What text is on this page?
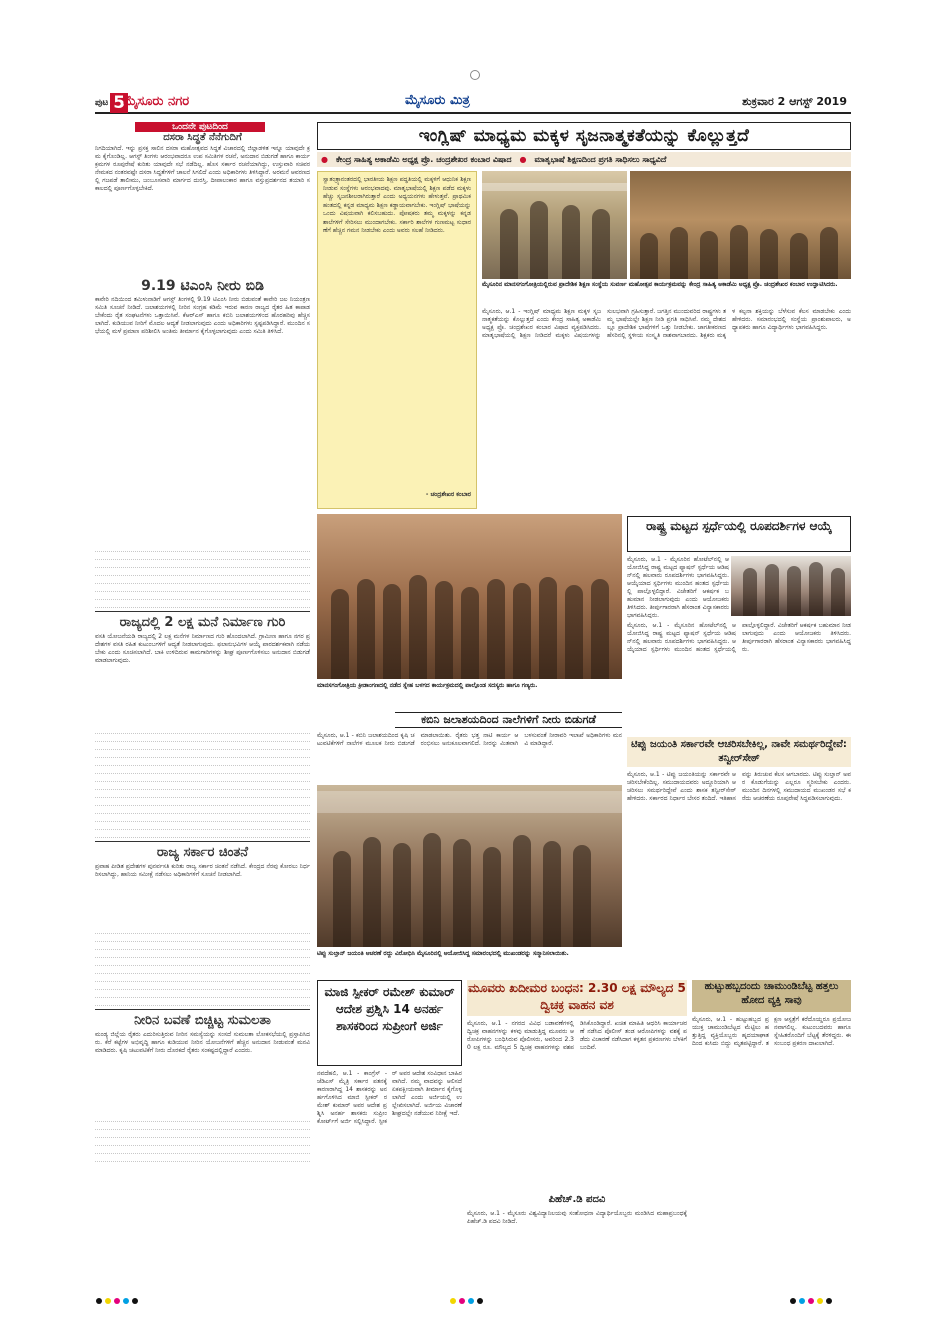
ಪುಟ 5
ಮೈಸೂರು ನಗರ	ಮೈಸೂರು ಮಿತ್ರ	ಶುಕ್ರವಾರ 2 ಆಗಸ್ಟ್ 2019
ಒಂದನೇ ಪುಟದಿಂದ
ದಸರಾ ಸಿದ್ಧತೆ ನೆನೆಗುದಿಗೆ
ನಿಗದಿಯಾಗಿದೆ. ಇನ್ನು ಪ್ರಸಕ್ತ ಸಾಲಿನ ದಸರಾ ಮಹೋತ್ಸವದ ಸಿದ್ಧತೆ ವಿಚಾರದಲ್ಲಿ ಜಿಲ್ಲಾಡಳಿತ ಇನ್ನೂ ಯಾವುದೇ ಕ್ರಮ ಕೈಗೊಂಡಿಲ್ಲ. ಆಗಸ್ಟ್ ತಿಂಗಳು ಆರಂಭವಾದರೂ ಉಪ ಸಮಿತಿಗಳ ರಚನೆ, ಅನುದಾನ ಬಿಡುಗಡೆ ಹಾಗೂ ಕಾರ್ಯಕ್ರಮಗಳ ರೂಪುರೇಷೆ ಕುರಿತು ಯಾವುದೇ ಸಭೆ ನಡೆದಿಲ್ಲ. ಹೊಸ ಸರ್ಕಾರ ರಚನೆಯಾಗಿದ್ದು, ಉಸ್ತುವಾರಿ ಸಚಿವರ ನೇಮಕದ ನಂತರವಷ್ಟೇ ದಸರಾ ಸಿದ್ಧತೆಗಳಿಗೆ ಚಾಲನೆ ಸಿಗಲಿದೆ ಎಂದು ಅಧಿಕಾರಿಗಳು ತಿಳಿಸಿದ್ದಾರೆ. ಅರಮನೆ ಆವರಣದಲ್ಲಿ ಗಜಪಡೆ ತಾಲೀಮು, ಜಂಬೂಸವಾರಿ ಮಾರ್ಗದ ದುರಸ್ತಿ, ದೀಪಾಲಂಕಾರ ಹಾಗೂ ವಸ್ತುಪ್ರದರ್ಶನದ ತಯಾರಿ ಸಕಾಲದಲ್ಲಿ ಪೂರ್ಣಗೊಳ್ಳಬೇಕಿದೆ.
9.19 ಟಿಎಂಸಿ ನೀರು ಬಿಡಿ
ಕಾವೇರಿ ನದಿಯಿಂದ ತಮಿಳುನಾಡಿಗೆ ಆಗಸ್ಟ್ ತಿಂಗಳಲ್ಲಿ 9.19 ಟಿಎಂಸಿ ನೀರು ಬಿಡುವಂತೆ ಕಾವೇರಿ ಜಲ ನಿಯಂತ್ರಣ ಸಮಿತಿ ಸೂಚನೆ ನೀಡಿದೆ. ಜಲಾಶಯಗಳಲ್ಲಿ ನೀರಿನ ಸಂಗ್ರಹ ಕಡಿಮೆ ಇರುವ ಕಾರಣ ರಾಜ್ಯದ ರೈತರ ಹಿತ ಕಾಪಾಡಬೇಕೆಂದು ರೈತ ಸಂಘಟನೆಗಳು ಒತ್ತಾಯಿಸಿವೆ. ಕೆಆರ್‌ಎಸ್ ಹಾಗೂ ಕಬಿನಿ ಜಲಾಶಯಗಳಿಂದ ಹೊರಹರಿವು ಹೆಚ್ಚಿಸಲಾಗಿದೆ. ಕುಡಿಯುವ ನೀರಿಗೆ ಮೊದಲ ಆದ್ಯತೆ ನೀಡಲಾಗುವುದು ಎಂದು ಅಧಿಕಾರಿಗಳು ಸ್ಪಷ್ಟಪಡಿಸಿದ್ದಾರೆ. ಮುಂದಿನ ಸಭೆಯಲ್ಲಿ ಮಳೆ ಪ್ರಮಾಣ ಪರಿಶೀಲಿಸಿ ಅಂತಿಮ ತೀರ್ಮಾನ ಕೈಗೊಳ್ಳಲಾಗುವುದು ಎಂದು ಸಮಿತಿ ತಿಳಿಸಿದೆ.
ರಾಜ್ಯದಲ್ಲಿ 2 ಲಕ್ಷ ಮನೆ ನಿರ್ಮಾಣ ಗುರಿ
ವಸತಿ ಯೋಜನೆಯಡಿ ರಾಜ್ಯದಲ್ಲಿ 2 ಲಕ್ಷ ಮನೆಗಳ ನಿರ್ಮಾಣದ ಗುರಿ ಹೊಂದಲಾಗಿದೆ. ಗ್ರಾಮೀಣ ಹಾಗೂ ನಗರ ಪ್ರದೇಶಗಳ ವಸತಿ ರಹಿತ ಕುಟುಂಬಗಳಿಗೆ ಆದ್ಯತೆ ನೀಡಲಾಗುವುದು. ಫಲಾನುಭವಿಗಳ ಆಯ್ಕೆ ಪಾರದರ್ಶಕವಾಗಿ ನಡೆಯಬೇಕು ಎಂದು ಸೂಚಿಸಲಾಗಿದೆ. ಬಾಕಿ ಉಳಿದಿರುವ ಕಾಮಗಾರಿಗಳನ್ನು ಶೀಘ್ರ ಪೂರ್ಣಗೊಳಿಸಲು ಅನುದಾನ ಬಿಡುಗಡೆ ಮಾಡಲಾಗುವುದು.
ರಾಜ್ಯ ಸರ್ಕಾರ ಚಿಂತನೆ
ಪ್ರವಾಹ ಪೀಡಿತ ಪ್ರದೇಶಗಳ ಪುನರ್ವಸತಿ ಕುರಿತು ರಾಜ್ಯ ಸರ್ಕಾರ ಚಿಂತನೆ ನಡೆಸಿದೆ. ಕೇಂದ್ರದ ನೆರವು ಕೋರಲು ನಿರ್ಧರಿಸಲಾಗಿದ್ದು, ಹಾನಿಯ ಸಮೀಕ್ಷೆ ನಡೆಸಲು ಅಧಿಕಾರಿಗಳಿಗೆ ಸೂಚನೆ ನೀಡಲಾಗಿದೆ.
ನೀರಿನ ಬವಣೆ ಬಿಚ್ಚಿಟ್ಟ ಸುಮಲತಾ
ಮಂಡ್ಯ ಜಿಲ್ಲೆಯ ರೈತರು ಎದುರಿಸುತ್ತಿರುವ ನೀರಿನ ಸಮಸ್ಯೆಯನ್ನು ಸಂಸದೆ ಸುಮಲತಾ ಲೋಕಸಭೆಯಲ್ಲಿ ಪ್ರಸ್ತಾಪಿಸಿದರು. ಕೆರೆ ಕಟ್ಟೆಗಳ ಅಭಿವೃದ್ಧಿ ಹಾಗೂ ಕುಡಿಯುವ ನೀರಿನ ಯೋಜನೆಗಳಿಗೆ ಹೆಚ್ಚಿನ ಅನುದಾನ ನೀಡುವಂತೆ ಮನವಿ ಮಾಡಿದರು. ಕೃಷಿ ಚಟುವಟಿಕೆಗೆ ನೀರು ದೊರಕದೆ ರೈತರು ಸಂಕಷ್ಟದಲ್ಲಿದ್ದಾರೆ ಎಂದರು.
ಇಂಗ್ಲಿಷ್ ಮಾಧ್ಯಮ ಮಕ್ಕಳ ಸೃಜನಾತ್ಮಕತೆಯನ್ನು ಕೊಲ್ಲುತ್ತದೆ
● ಕೇಂದ್ರ ಸಾಹಿತ್ಯ ಅಕಾಡೆಮಿ ಅಧ್ಯಕ್ಷ ಪ್ರೊ. ಚಂದ್ರಶೇಖರ ಕಂಬಾರ ವಿಷಾದ ● ಮಾತೃಭಾಷೆ ಶಿಕ್ಷಣದಿಂದ ಪ್ರಗತಿ ಸಾಧಿಸಲು ಸಾಧ್ಯವಿದೆ
ಸ್ವಾತಂತ್ರ್ಯಾನಂತರದಲ್ಲಿ ಭಾರತೀಯ ಶಿಕ್ಷಣ ಪದ್ಧತಿಯಲ್ಲಿ ಮಕ್ಕಳಿಗೆ ಆಧುನಿಕ ಶಿಕ್ಷಣ ನೀಡುವ ಸಂಸ್ಥೆಗಳು ಆರಂಭವಾದವು. ಮಾತೃಭಾಷೆಯಲ್ಲಿ ಶಿಕ್ಷಣ ಪಡೆದ ಮಕ್ಕಳು ಹೆಚ್ಚು ಸೃಜನಶೀಲರಾಗಿರುತ್ತಾರೆ ಎಂದು ಅಧ್ಯಯನಗಳು ಹೇಳುತ್ತವೆ. ಪ್ರಾಥಮಿಕ ಹಂತದಲ್ಲಿ ಕನ್ನಡ ಮಾಧ್ಯಮ ಶಿಕ್ಷಣ ಕಡ್ಡಾಯವಾಗಬೇಕು. ಇಂಗ್ಲಿಷ್ ಭಾಷೆಯನ್ನು ಒಂದು ವಿಷಯವಾಗಿ ಕಲಿಸಬಹುದು. ಪೋಷಕರು ತಮ್ಮ ಮಕ್ಕಳನ್ನು ಕನ್ನಡ ಶಾಲೆಗಳಿಗೆ ಸೇರಿಸಲು ಮುಂದಾಗಬೇಕು. ಸರ್ಕಾರಿ ಶಾಲೆಗಳ ಗುಣಮಟ್ಟ ಸುಧಾರಣೆಗೆ ಹೆಚ್ಚಿನ ಗಮನ ನೀಡಬೇಕು ಎಂದು ಅವರು ಸಲಹೆ ನೀಡಿದರು.
- ಚಂದ್ರಶೇಖರ ಕಂಬಾರ
ಮೈಸೂರಿನ ಮಾನಸಗಂಗೋತ್ರಿಯಲ್ಲಿರುವ ಪ್ರಾದೇಶಿಕ ಶಿಕ್ಷಣ ಸಂಸ್ಥೆಯ ಸುವರ್ಣ ಮಹೋತ್ಸವ ಕಾರ್ಯಕ್ರಮವನ್ನು ಕೇಂದ್ರ ಸಾಹಿತ್ಯ ಅಕಾಡೆಮಿ ಅಧ್ಯಕ್ಷ ಪ್ರೊ. ಚಂದ್ರಶೇಖರ ಕಂಬಾರ ಉದ್ಘಾಟಿಸಿದರು.
ಮೈಸೂರು, ಆ.1 - ಇಂಗ್ಲಿಷ್ ಮಾಧ್ಯಮ ಶಿಕ್ಷಣ ಮಕ್ಕಳ ಸೃಜನಾತ್ಮಕತೆಯನ್ನು ಕೊಲ್ಲುತ್ತದೆ ಎಂದು ಕೇಂದ್ರ ಸಾಹಿತ್ಯ ಅಕಾಡೆಮಿ ಅಧ್ಯಕ್ಷ ಪ್ರೊ. ಚಂದ್ರಶೇಖರ ಕಂಬಾರ ವಿಷಾದ ವ್ಯಕ್ತಪಡಿಸಿದರು. ಮಾತೃಭಾಷೆಯಲ್ಲಿ ಶಿಕ್ಷಣ ನೀಡಿದರೆ ಮಕ್ಕಳು ವಿಷಯಗಳನ್ನು ಸುಲಭವಾಗಿ ಗ್ರಹಿಸುತ್ತಾರೆ. ಜಗತ್ತಿನ ಮುಂದುವರಿದ ರಾಷ್ಟ್ರಗಳು ತಮ್ಮ ಭಾಷೆಯಲ್ಲೇ ಶಿಕ್ಷಣ ನೀಡಿ ಪ್ರಗತಿ ಸಾಧಿಸಿವೆ. ನಮ್ಮ ದೇಶದಲ್ಲೂ ಪ್ರಾದೇಶಿಕ ಭಾಷೆಗಳಿಗೆ ಒತ್ತು ನೀಡಬೇಕು. ಜಾಗತೀಕರಣದ ಹೆಸರಿನಲ್ಲಿ ಸ್ಥಳೀಯ ಸಂಸ್ಕೃತಿ ನಾಶವಾಗಬಾರದು. ಶಿಕ್ಷಕರು ಮಕ್ಕಳ ಕಲ್ಪನಾ ಶಕ್ತಿಯನ್ನು ಬೆಳೆಸುವ ಕೆಲಸ ಮಾಡಬೇಕು ಎಂದು ಹೇಳಿದರು. ಸಮಾರಂಭದಲ್ಲಿ ಸಂಸ್ಥೆಯ ಪ್ರಾಂಶುಪಾಲರು, ಅಧ್ಯಾಪಕರು ಹಾಗೂ ವಿದ್ಯಾರ್ಥಿಗಳು ಭಾಗವಹಿಸಿದ್ದರು.
ಮಾನಸಗಂಗೋತ್ರಿಯ ಕ್ರೀಡಾಂಗಣದಲ್ಲಿ ನಡೆದ ಸ್ನೇಹ ಬಳಗದ ಕಾರ್ಯಕ್ರಮದಲ್ಲಿ ಪಾಲ್ಗೊಂಡ ಸದಸ್ಯರು ಹಾಗೂ ಗಣ್ಯರು.
ರಾಷ್ಟ್ರ ಮಟ್ಟದ ಸ್ಪರ್ಧೆಯಲ್ಲಿ ರೂಪದರ್ಶಿಗಳ ಆಯ್ಕೆ
ಮೈಸೂರು, ಆ.1 - ಮೈಸೂರಿನ ಹೋಟೆಲ್‌ನಲ್ಲಿ ಆಯೋಜಿಸಿದ್ದ ರಾಷ್ಟ್ರ ಮಟ್ಟದ ಫ್ಯಾಷನ್ ಸ್ಪರ್ಧೆಯ ಆಡಿಷನ್‌ನಲ್ಲಿ ಹಲವಾರು ರೂಪದರ್ಶಿಗಳು ಭಾಗವಹಿಸಿದ್ದರು. ಆಯ್ಕೆಯಾದ ಸ್ಪರ್ಧಿಗಳು ಮುಂದಿನ ಹಂತದ ಸ್ಪರ್ಧೆಯಲ್ಲಿ ಪಾಲ್ಗೊಳ್ಳಲಿದ್ದಾರೆ. ವಿಜೇತರಿಗೆ ಆಕರ್ಷಕ ಬಹುಮಾನ ನೀಡಲಾಗುವುದು ಎಂದು ಆಯೋಜಕರು ತಿಳಿಸಿದರು. ತೀರ್ಪುಗಾರರಾಗಿ ಹೆಸರಾಂತ ವಿನ್ಯಾಸಕಾರರು ಭಾಗವಹಿಸಿದ್ದರು.
ಮೈಸೂರು, ಆ.1 - ಮೈಸೂರಿನ ಹೋಟೆಲ್‌ನಲ್ಲಿ ಆಯೋಜಿಸಿದ್ದ ರಾಷ್ಟ್ರ ಮಟ್ಟದ ಫ್ಯಾಷನ್ ಸ್ಪರ್ಧೆಯ ಆಡಿಷನ್‌ನಲ್ಲಿ ಹಲವಾರು ರೂಪದರ್ಶಿಗಳು ಭಾಗವಹಿಸಿದ್ದರು. ಆಯ್ಕೆಯಾದ ಸ್ಪರ್ಧಿಗಳು ಮುಂದಿನ ಹಂತದ ಸ್ಪರ್ಧೆಯಲ್ಲಿ ಪಾಲ್ಗೊಳ್ಳಲಿದ್ದಾರೆ. ವಿಜೇತರಿಗೆ ಆಕರ್ಷಕ ಬಹುಮಾನ ನೀಡಲಾಗುವುದು ಎಂದು ಆಯೋಜಕರು ತಿಳಿಸಿದರು. ತೀರ್ಪುಗಾರರಾಗಿ ಹೆಸರಾಂತ ವಿನ್ಯಾಸಕಾರರು ಭಾಗವಹಿಸಿದ್ದರು.
ಕಬಿನಿ ಜಲಾಶಯದಿಂದ ನಾಲೆಗಳಿಗೆ ನೀರು ಬಿಡುಗಡೆ
ಮೈಸೂರು, ಆ.1 - ಕಬಿನಿ ಜಲಾಶಯದಿಂದ ಕೃಷಿ ಚಟುವಟಿಕೆಗಳಿಗೆ ನಾಲೆಗಳ ಮೂಲಕ ನೀರು ಬಿಡುಗಡೆ ಮಾಡಲಾಯಿತು. ರೈತರು ಭತ್ತ ನಾಟಿ ಕಾರ್ಯ ಆರಂಭಿಸಲು ಅನುಕೂಲವಾಗಲಿದೆ. ನೀರನ್ನು ಮಿತವಾಗಿ ಬಳಸುವಂತೆ ನೀರಾವರಿ ಇಲಾಖೆ ಅಧಿಕಾರಿಗಳು ಮನವಿ ಮಾಡಿದ್ದಾರೆ.
ಟಿಪ್ಪು ಸುಲ್ತಾನ್ ಜಯಂತಿ ಆಚರಣೆ ರದ್ದು ವಿರೋಧಿಸಿ ಮೈಸೂರಿನಲ್ಲಿ ಆಯೋಜಿಸಿದ್ದ ಸಮಾರಂಭದಲ್ಲಿ ಮುಖಂಡರನ್ನು ಸನ್ಮಾನಿಸಲಾಯಿತು.
ಟಿಪ್ಪು ಜಯಂತಿ ಸರ್ಕಾರವೇ ಆಚರಿಸಬೇಕಿಲ್ಲ, ನಾವೇ ಸಮರ್ಥರಿದ್ದೇವೆ: ತನ್ವೀರ್‌ಸೇಠ್
ಮೈಸೂರು, ಆ.1 - ಟಿಪ್ಪು ಜಯಂತಿಯನ್ನು ಸರ್ಕಾರವೇ ಆಚರಿಸಬೇಕೆಂದಿಲ್ಲ. ಸಮುದಾಯದವರು ಅದ್ದೂರಿಯಾಗಿ ಆಚರಿಸಲು ಸಮರ್ಥರಿದ್ದೇವೆ ಎಂದು ಶಾಸಕ ತನ್ವೀರ್‌ಸೇಠ್ ಹೇಳಿದರು. ಸರ್ಕಾರದ ನಿರ್ಧಾರ ಬೇಸರ ತಂದಿದೆ. ಇತಿಹಾಸವನ್ನು ತಿರುಚುವ ಕೆಲಸ ಆಗಬಾರದು. ಟಿಪ್ಪು ಸುಲ್ತಾನ್ ಅವರ ಕೊಡುಗೆಯನ್ನು ಎಲ್ಲರೂ ಸ್ಮರಿಸಬೇಕು ಎಂದರು. ಮುಂದಿನ ದಿನಗಳಲ್ಲಿ ಸಮುದಾಯದ ಮುಖಂಡರ ಸಭೆ ಕರೆದು ಆಚರಣೆಯ ರೂಪುರೇಷೆ ಸಿದ್ಧಪಡಿಸಲಾಗುವುದು.
ಮಾಜಿ ಸ್ಪೀಕರ್ ರಮೇಶ್ ಕುಮಾರ್ ಆದೇಶ ಪ್ರಶ್ನಿಸಿ 14 ಅನರ್ಹ ಶಾಸಕರಿಂದ ಸುಪ್ರೀಂಗೆ ಅರ್ಜಿ
ನವದೆಹಲಿ, ಆ.1 - ಕಾಂಗ್ರೆಸ್ - ಜೆಡಿಎಸ್ ಮೈತ್ರಿ ಸರ್ಕಾರ ಪತನಕ್ಕೆ ಕಾರಣರಾಗಿದ್ದ 14 ಶಾಸಕರನ್ನು ಅನರ್ಹಗೊಳಿಸಿದ ಮಾಜಿ ಸ್ಪೀಕರ್ ರಮೇಶ್ ಕುಮಾರ್ ಅವರ ಆದೇಶ ಪ್ರಶ್ನಿಸಿ ಅನರ್ಹ ಶಾಸಕರು ಸುಪ್ರೀಂ ಕೋರ್ಟ್‌ಗೆ ಅರ್ಜಿ ಸಲ್ಲಿಸಿದ್ದಾರೆ. ಸ್ಪೀಕರ್ ಅವರ ಆದೇಶ ಸಂವಿಧಾನ ಬಾಹಿರವಾಗಿದೆ. ನಮ್ಮ ವಾದವನ್ನು ಆಲಿಸದೆ ಏಕಪಕ್ಷೀಯವಾಗಿ ತೀರ್ಮಾನ ಕೈಗೊಳ್ಳಲಾಗಿದೆ ಎಂದು ಅರ್ಜಿಯಲ್ಲಿ ಉಲ್ಲೇಖಿಸಲಾಗಿದೆ. ಅರ್ಜಿಯ ವಿಚಾರಣೆ ಶೀಘ್ರದಲ್ಲೇ ನಡೆಯುವ ನಿರೀಕ್ಷೆ ಇದೆ.
ಮೂವರು ಖದೀಮರ ಬಂಧನ: 2.30 ಲಕ್ಷ ಮೌಲ್ಯದ 5 ದ್ವಿಚಕ್ರ ವಾಹನ ವಶ
ಮೈಸೂರು, ಆ.1 - ನಗರದ ವಿವಿಧ ಬಡಾವಣೆಗಳಲ್ಲಿ ದ್ವಿಚಕ್ರ ವಾಹನಗಳನ್ನು ಕಳವು ಮಾಡುತ್ತಿದ್ದ ಮೂವರು ಆರೋಪಿಗಳನ್ನು ಬಂಧಿಸಿರುವ ಪೊಲೀಸರು, ಅವರಿಂದ 2.30 ಲಕ್ಷ ರೂ. ಮೌಲ್ಯದ 5 ದ್ವಿಚಕ್ರ ವಾಹನಗಳನ್ನು ವಶಪಡಿಸಿಕೊಂಡಿದ್ದಾರೆ. ಖಚಿತ ಮಾಹಿತಿ ಆಧರಿಸಿ ಕಾರ್ಯಾಚರಣೆ ನಡೆಸಿದ ಪೊಲೀಸ್ ತಂಡ ಆರೋಪಿಗಳನ್ನು ವಶಕ್ಕೆ ಪಡೆದು ವಿಚಾರಣೆ ನಡೆಸಿದಾಗ ಕಳ್ಳತನ ಪ್ರಕರಣಗಳು ಬೆಳಕಿಗೆ ಬಂದಿವೆ.
ಪಿಹೆಚ್.ಡಿ ಪದವಿ
ಮೈಸೂರು, ಆ.1 - ಮೈಸೂರು ವಿಶ್ವವಿದ್ಯಾನಿಲಯವು ಸಂಶೋಧನಾ ವಿದ್ಯಾರ್ಥಿಯೊಬ್ಬರು ಮಂಡಿಸಿದ ಮಹಾಪ್ರಬಂಧಕ್ಕೆ ಪಿಹೆಚ್.ಡಿ ಪದವಿ ನೀಡಿದೆ.
ಹುಟ್ಟುಹಬ್ಬದಂದು ಚಾಮುಂಡಿಬೆಟ್ಟ ಹತ್ತಲು ಹೋದ ವ್ಯಕ್ತಿ ಸಾವು
ಮೈಸೂರು, ಆ.1 - ಹುಟ್ಟುಹಬ್ಬದ ಪ್ರಯುಕ್ತ ಚಾಮುಂಡಿಬೆಟ್ಟದ ಮೆಟ್ಟಿಲು ಹತ್ತುತ್ತಿದ್ದ ವ್ಯಕ್ತಿಯೊಬ್ಬರು ಹೃದಯಾಘಾತದಿಂದ ಕುಸಿದು ಬಿದ್ದು ಮೃತಪಟ್ಟಿದ್ದಾರೆ. ತಕ್ಷಣ ಆಸ್ಪತ್ರೆಗೆ ಕರೆದೊಯ್ದರೂ ಪ್ರಯೋಜನವಾಗಲಿಲ್ಲ. ಕುಟುಂಬದವರು ಹಾಗೂ ಸ್ನೇಹಿತರೊಂದಿಗೆ ಬೆಟ್ಟಕ್ಕೆ ತೆರಳಿದ್ದರು. ಈ ಸಂಬಂಧ ಪ್ರಕರಣ ದಾಖಲಾಗಿದೆ.
